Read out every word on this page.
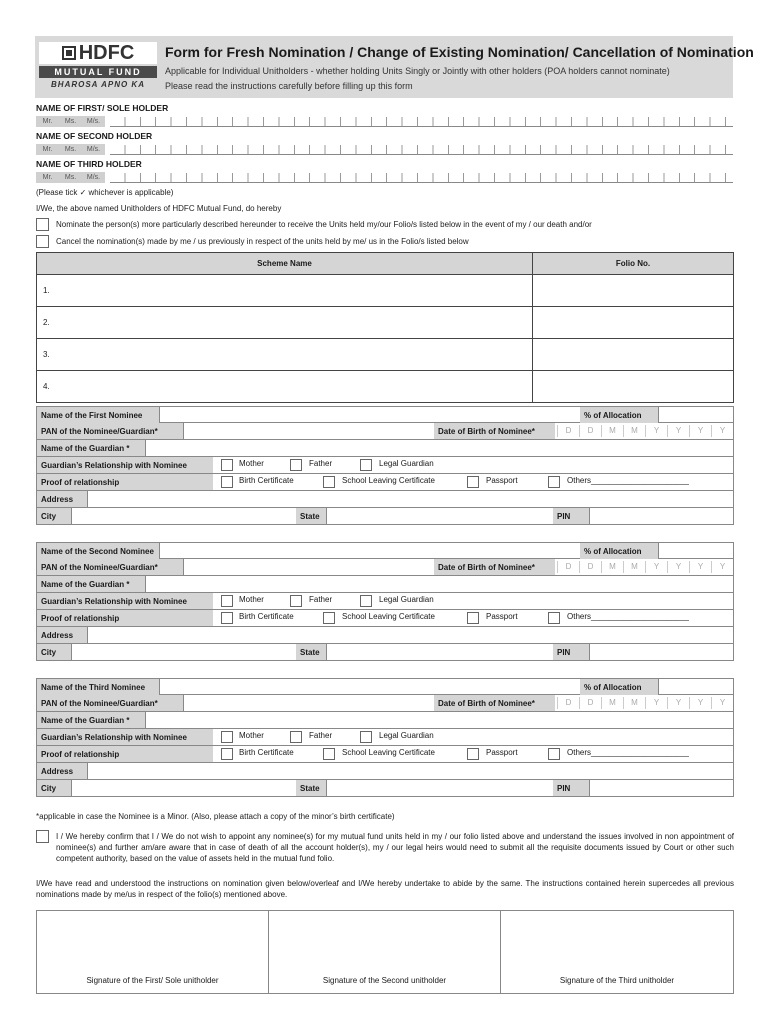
HDFC
MUTUAL FUND
BHAROSA APNO KA
Form for Fresh Nomination / Change of Existing Nomination/ Cancellation of Nomination
Applicable for Individual Unitholders - whether holding Units Singly or Jointly with other holders (POA holders cannot nominate)
Please read the instructions carefully before filling up this form
NAME OF FIRST/ SOLE HOLDER
Mr.	Ms.	M/s.
NAME OF SECOND HOLDER
Mr.	Ms.	M/s.
NAME OF THIRD HOLDER
Mr.	Ms.	M/s.
(Please tick ✓ whichever is applicable)
I/We, the above named Unitholders of HDFC Mutual Fund, do hereby
Nominate the person(s) more particularly described hereunder to receive the Units held my/our Folio/s listed below in the event of my / our death and/or
Cancel the nomination(s) made by me / us previously in respect of the units held by me/ us in the Folio/s listed below
Scheme Name	Folio No.
1.	
2.	
3.	
4.	
Name of the First Nominee	% of Allocation
PAN of the Nominee/Guardian*	Date of Birth of Nominee*	D	D	M	M	Y	Y	Y	Y
Name of the Guardian *
Guardian’s Relationship with Nominee	Mother	Father	Legal Guardian
Proof of relationship	Birth Certificate	School Leaving Certificate	Passport	Others______________________
Address
City	State	PIN
Name of the Second Nominee	% of Allocation
PAN of the Nominee/Guardian*	Date of Birth of Nominee*	D	D	M	M	Y	Y	Y	Y
Name of the Guardian *
Guardian’s Relationship with Nominee	Mother	Father	Legal Guardian
Proof of relationship	Birth Certificate	School Leaving Certificate	Passport	Others______________________
Address
City	State	PIN
Name of the Third Nominee	% of Allocation
PAN of the Nominee/Guardian*	Date of Birth of Nominee*	D	D	M	M	Y	Y	Y	Y
Name of the Guardian *
Guardian’s Relationship with Nominee	Mother	Father	Legal Guardian
Proof of relationship	Birth Certificate	School Leaving Certificate	Passport	Others______________________
Address
City	State	PIN
*applicable in case the Nominee is a Minor. (Also, please attach a copy of the minor’s birth certificate)
I / We hereby confirm that I / We do not wish to appoint any nominee(s) for my mutual fund units held in my / our folio listed above and understand the issues involved in non appointment of nominee(s) and further am/are aware that in case of death of all the account holder(s), my / our legal heirs would need to submit all the requisite documents issued by Court or other such competent authority, based on the value of assets held in the mutual fund folio.
I/We have read and understood the instructions on nomination given below/overleaf and I/We hereby undertake to abide by the same. The instructions contained herein supercedes all previous nominations made by me/us in respect of the folio(s) mentioned above.
Signature of the First/ Sole unitholder	Signature of the Second unitholder	Signature of the Third unitholder
